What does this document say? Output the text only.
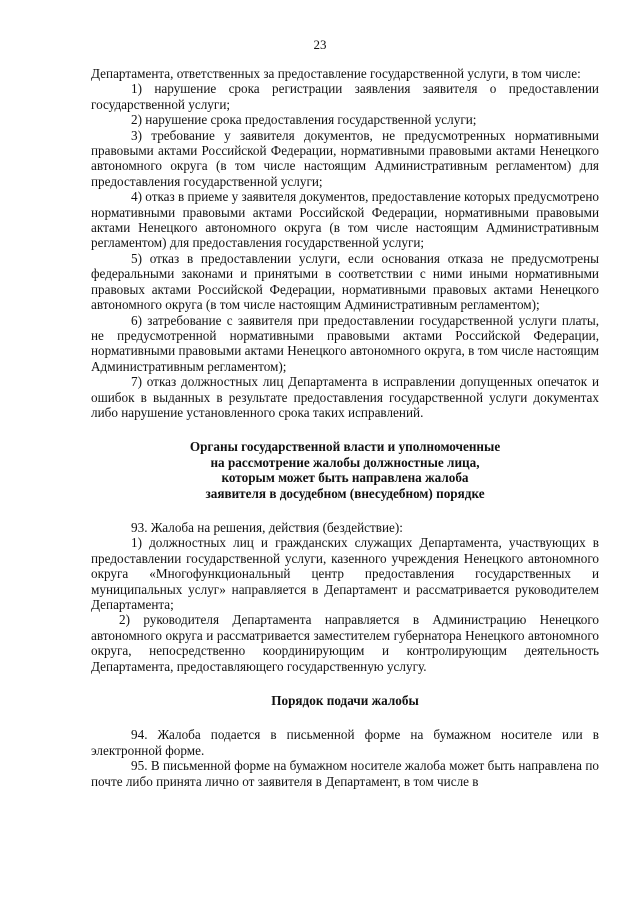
23

Департамента, ответственных за предоставление государственной услуги, в том числе:

1) нарушение срока регистрации заявления заявителя о предоставлении государственной услуги;

2) нарушение срока предоставления государственной услуги;

3) требование у заявителя документов, не предусмотренных нормативными правовыми актами Российской Федерации, нормативными правовыми актами Ненецкого автономного округа (в том числе настоящим Административным регламентом) для предоставления государственной услуги;

4) отказ в приеме у заявителя документов, предоставление которых предусмотрено нормативными правовыми актами Российской Федерации, нормативными правовыми актами Ненецкого автономного округа (в том числе настоящим Административным регламентом) для предоставления государственной услуги;

5) отказ в предоставлении услуги, если основания отказа не предусмотрены федеральными законами и принятыми в соответствии с ними иными нормативными правовых актами Российской Федерации, нормативными правовых актами Ненецкого автономного округа (в том числе настоящим Административным регламентом);

6) затребование с заявителя при предоставлении государственной услуги платы, не предусмотренной нормативными правовыми актами Российской Федерации, нормативными правовыми актами Ненецкого автономного округа, в том числе настоящим Административным регламентом);

7) отказ должностных лиц Департамента в исправлении допущенных опечаток и ошибок в выданных в результате предоставления государственной услуги документах либо нарушение установленного срока таких исправлений.

Органы государственной власти и уполномоченные
на рассмотрение жалобы должностные лица,
которым может быть направлена жалоба
заявителя в досудебном (внесудебном) порядке

93. Жалоба на решения, действия (бездействие):

1) должностных лиц и гражданских служащих Департамента, участвующих в предоставлении государственной услуги, казенного учреждения Ненецкого автономного округа «Многофункциональный центр предоставления государственных и муниципальных услуг» направляется в Департамент и рассматривается руководителем Департамента;

2) руководителя Департамента направляется в Администрацию Ненецкого автономного округа и рассматривается заместителем губернатора Ненецкого автономного округа, непосредственно координирующим и контролирующим деятельность Департамента, предоставляющего государственную услугу.

Порядок подачи жалобы

94. Жалоба подается в письменной форме на бумажном носителе или в электронной форме.

95. В письменной форме на бумажном носителе жалоба может быть направлена по почте либо принята лично от заявителя в Департамент, в том числе в
